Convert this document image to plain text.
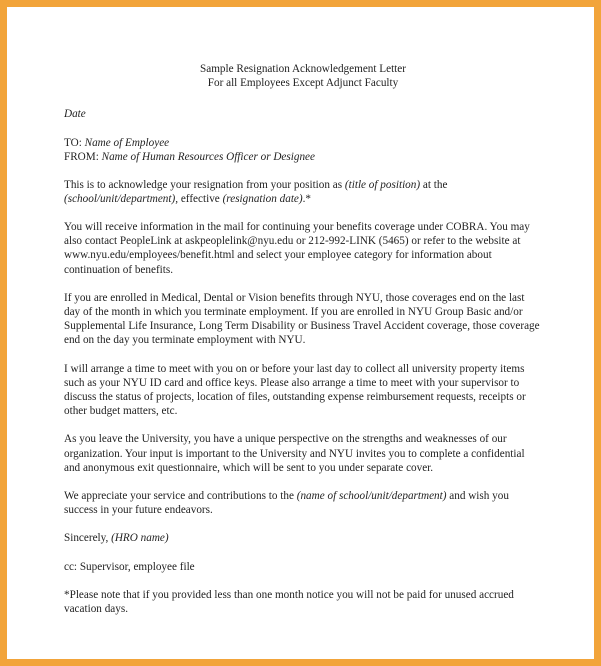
Sample Resignation Acknowledgement Letter
For all Employees Except Adjunct Faculty

Date

TO: Name of Employee
FROM: Name of Human Resources Officer or Designee

This is to acknowledge your resignation from your position as (title of position) at the (school/unit/department), effective (resignation date).*

You will receive information in the mail for continuing your benefits coverage under COBRA. You may also contact PeopleLink at askpeoplelink@nyu.edu or 212-992-LINK (5465) or refer to the website at www.nyu.edu/employees/benefit.html and select your employee category for information about continuation of benefits.

If you are enrolled in Medical, Dental or Vision benefits through NYU, those coverages end on the last day of the month in which you terminate employment. If you are enrolled in NYU Group Basic and/or Supplemental Life Insurance, Long Term Disability or Business Travel Accident coverage, those coverage end on the day you terminate employment with NYU.

I will arrange a time to meet with you on or before your last day to collect all university property items such as your NYU ID card and office keys. Please also arrange a time to meet with your supervisor to discuss the status of projects, location of files, outstanding expense reimbursement requests, receipts or other budget matters, etc.

As you leave the University, you have a unique perspective on the strengths and weaknesses of our organization. Your input is important to the University and NYU invites you to complete a confidential and anonymous exit questionnaire, which will be sent to you under separate cover.

We appreciate your service and contributions to the (name of school/unit/department) and wish you success in your future endeavors.

Sincerely, (HRO name)

cc: Supervisor, employee file

*Please note that if you provided less than one month notice you will not be paid for unused accrued vacation days.
